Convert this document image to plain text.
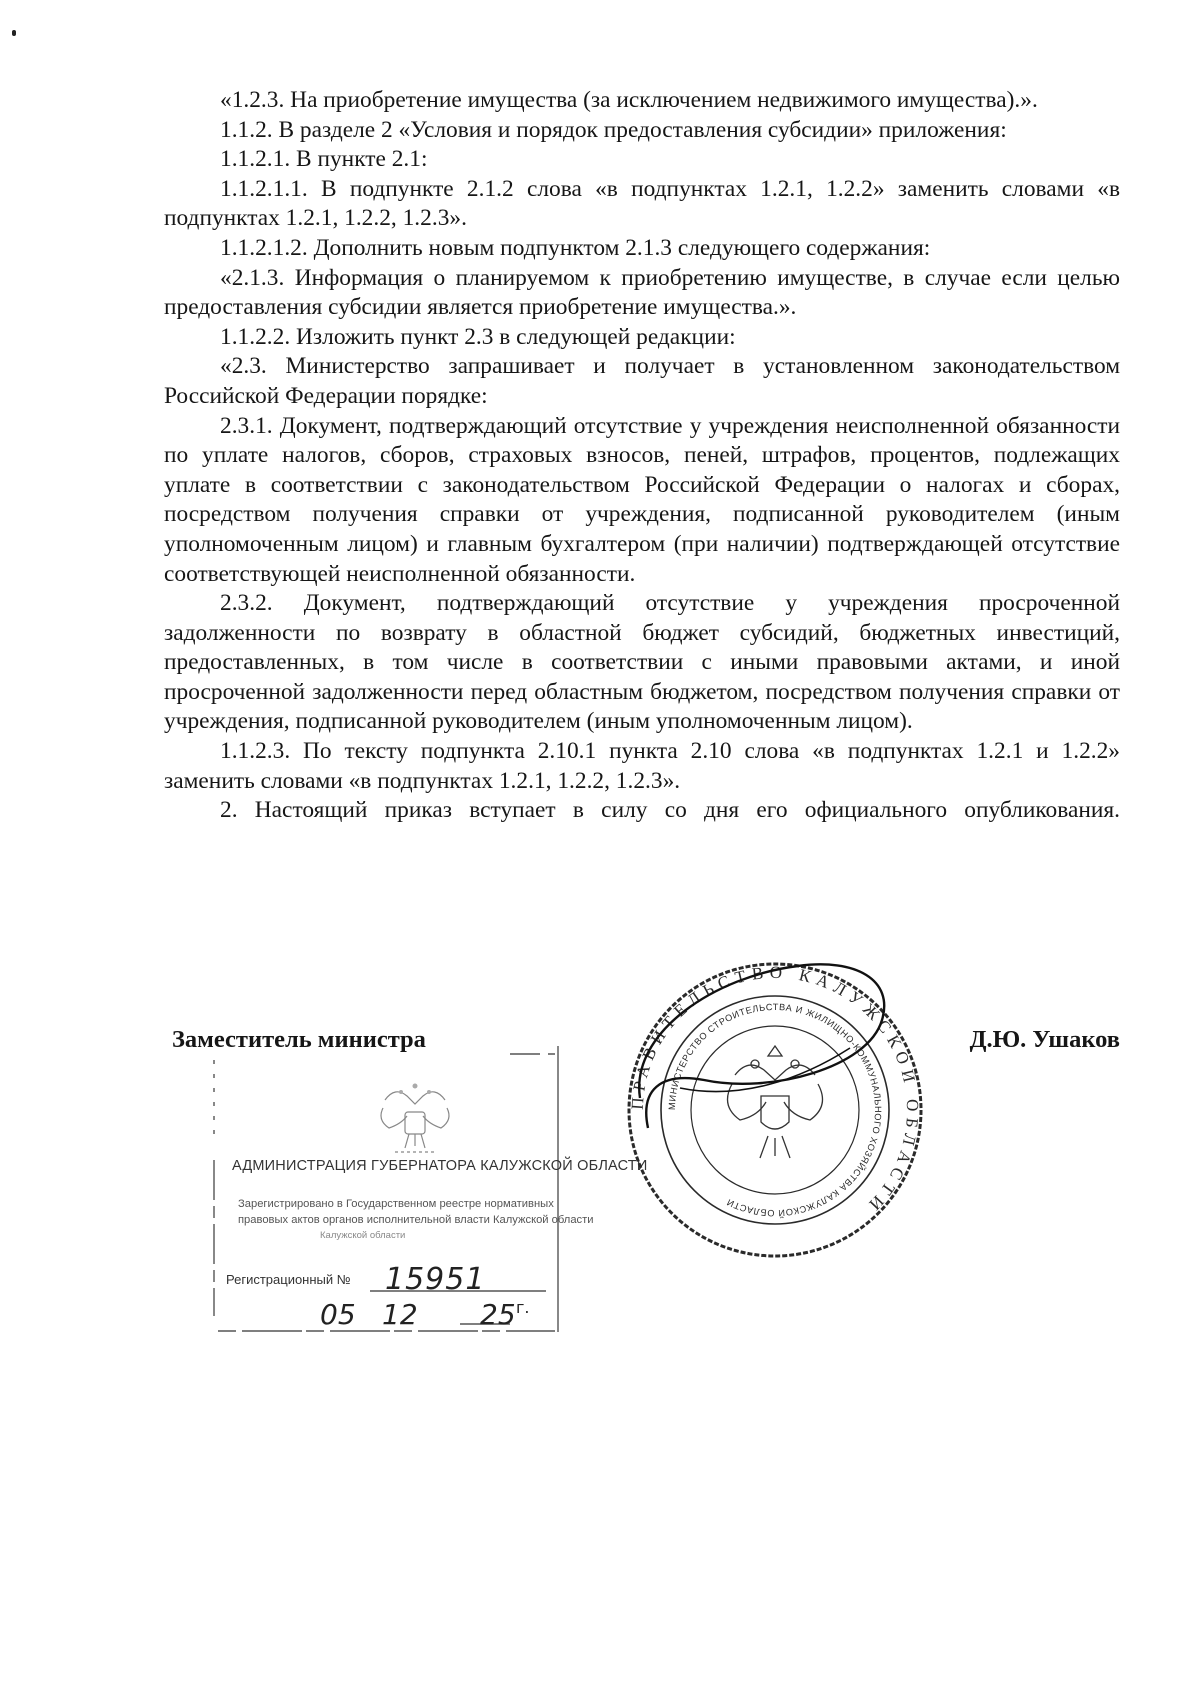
«1.2.3. На приобретение имущества (за исключением недвижимого имущества).».

1.1.2. В разделе 2 «Условия и порядок предоставления субсидии» приложения:

1.1.2.1. В пункте 2.1:

1.1.2.1.1. В подпункте 2.1.2 слова «в подпунктах 1.2.1, 1.2.2» заменить словами «в подпунктах 1.2.1, 1.2.2, 1.2.3».

1.1.2.1.2. Дополнить новым подпунктом 2.1.3 следующего содержания:

«2.1.3. Информация о планируемом к приобретению имуществе, в случае если целью предоставления субсидии является приобретение имущества.».

1.1.2.2. Изложить пункт 2.3 в следующей редакции:

«2.3. Министерство запрашивает и получает в установленном законодательством Российской Федерации порядке:

2.3.1. Документ, подтверждающий отсутствие у учреждения неисполненной обязанности по уплате налогов, сборов, страховых взносов, пеней, штрафов, процентов, подлежащих уплате в соответствии с законодательством Российской Федерации о налогах и сборах, посредством получения справки от учреждения, подписанной руководителем (иным уполномоченным лицом) и главным бухгалтером (при наличии) подтверждающей отсутствие соответствующей неисполненной обязанности.

2.3.2. Документ, подтверждающий отсутствие у учреждения просроченной задолженности по возврату в областной бюджет субсидий, бюджетных инвестиций, предоставленных, в том числе в соответствии с иными правовыми актами, и иной просроченной задолженности перед областным бюджетом, посредством получения справки от учреждения, подписанной руководителем (иным уполномоченным лицом).

1.1.2.3. По тексту подпункта 2.10.1 пункта 2.10 слова «в подпунктах 1.2.1 и 1.2.2» заменить словами «в подпунктах 1.2.1, 1.2.2, 1.2.3».

2. Настоящий приказ вступает в силу со дня его официального опубликования.

Заместитель министра	Д.Ю. Ушаков
АДМИНИСТРАЦИЯ ГУБЕРНАТОРА КАЛУЖСКОЙ ОБЛАСТИ
Зарегистрировано в Государственном реестре нормативных
правовых актов органов исполнительной власти Калужской области
Калужской области
Регистрационный № 15951
05 12 25 г.
ПРАВИТЕЛЬСТВО КАЛУЖСКОЙ ОБЛАСТИ
МИНИСТЕРСТВО СТРОИТЕЛЬСТВА И ЖИЛИЩНО-КОММУНАЛЬНОГО ХОЗЯЙСТВА КАЛУЖСКОЙ ОБЛАСТИ
